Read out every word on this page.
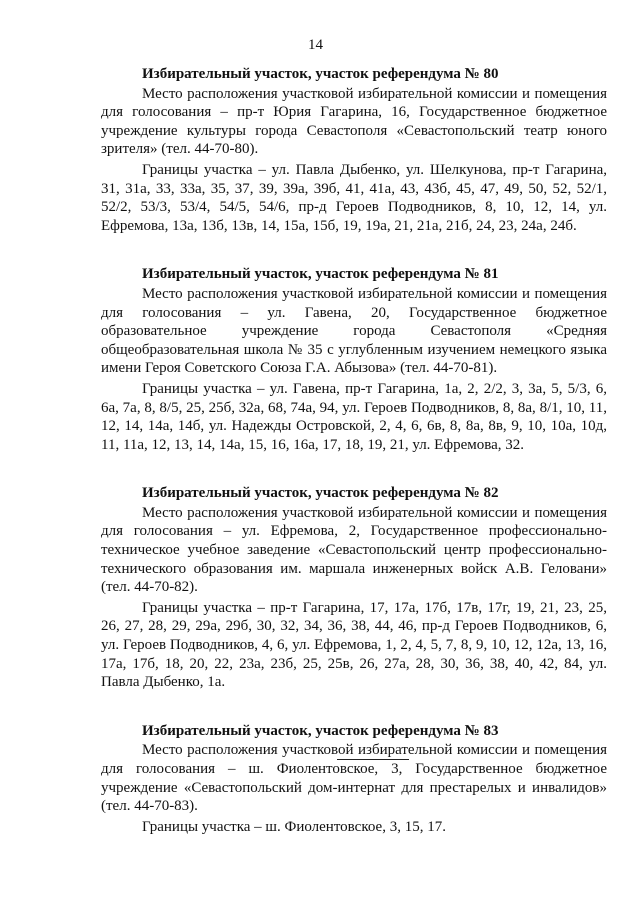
14

Избирательный участок, участок референдума № 80

Место расположения участковой избирательной комиссии и помещения для голосования – пр-т Юрия Гагарина, 16, Государственное бюджетное учреждение культуры города Севастополя «Севастопольский театр юного зрителя» (тел. 44-70-80).

Границы участка – ул. Павла Дыбенко, ул. Шелкунова, пр-т Гагарина, 31, 31а, 33, 33а, 35, 37, 39, 39а, 39б, 41, 41а, 43, 43б, 45, 47, 49, 50, 52, 52/1, 52/2, 53/3, 53/4, 54/5, 54/6, пр-д Героев Подводников, 8, 10, 12, 14, ул. Ефремова, 13а, 13б, 13в, 14, 15а, 15б, 19, 19а, 21, 21а, 21б, 24, 23, 24а, 24б.

Избирательный участок, участок референдума № 81

Место расположения участковой избирательной комиссии и помещения для голосования – ул. Гавена, 20, Государственное бюджетное образовательное учреждение города Севастополя «Средняя общеобразовательная школа № 35 с углубленным изучением немецкого языка имени Героя Советского Союза Г.А. Абызова» (тел. 44-70-81).

Границы участка – ул. Гавена, пр-т Гагарина, 1а, 2, 2/2, 3, 3а, 5, 5/3, 6, 6а, 7а, 8, 8/5, 25, 25б, 32а, 68, 74а, 94, ул. Героев Подводников, 8, 8а, 8/1, 10, 11, 12, 14, 14а, 14б, ул. Надежды Островской, 2, 4, 6, 6в, 8, 8а, 8в, 9, 10, 10а, 10д, 11, 11а, 12, 13, 14, 14а, 15, 16, 16а, 17, 18, 19, 21, ул. Ефремова, 32.

Избирательный участок, участок референдума № 82

Место расположения участковой избирательной комиссии и помещения для голосования – ул. Ефремова, 2, Государственное профессионально-техническое учебное заведение «Севастопольский центр профессионально-технического образования им. маршала инженерных войск А.В. Геловани» (тел. 44-70-82).

Границы участка – пр-т Гагарина, 17, 17а, 17б, 17в, 17г, 19, 21, 23, 25, 26, 27, 28, 29, 29а, 29б, 30, 32, 34, 36, 38, 44, 46, пр-д Героев Подводников, 6, ул. Героев Подводников, 4, 6, ул. Ефремова, 1, 2, 4, 5, 7, 8, 9, 10, 12, 12а, 13, 16, 17а, 17б, 18, 20, 22, 23а, 23б, 25, 25в, 26, 27а, 28, 30, 36, 38, 40, 42, 84, ул. Павла Дыбенко, 1а.

Избирательный участок, участок референдума № 83

Место расположения участковой избирательной комиссии и помещения для голосования – ш. Фиолентовское, 3, Государственное бюджетное учреждение «Севастопольский дом-интернат для престарелых и инвалидов» (тел. 44-70-83).

Границы участка – ш. Фиолентовское, 3, 15, 17.
